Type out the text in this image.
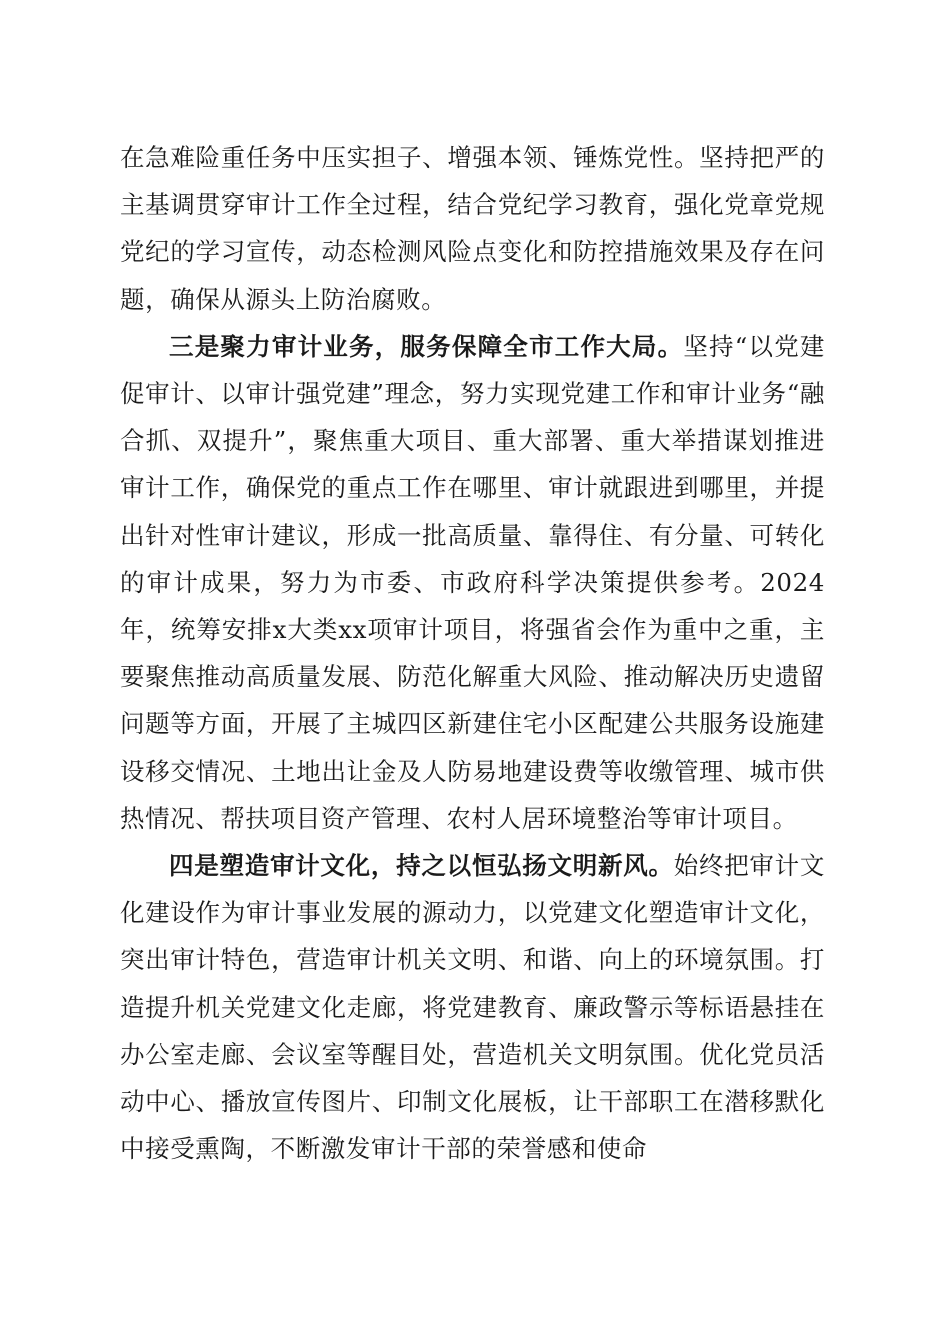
在急难险重任务中压实担子、增强本领、锤炼党性。坚持把严的主基调贯穿审计工作全过程，结合党纪学习教育，强化党章党规党纪的学习宣传，动态检测风险点变化和防控措施效果及存在问题，确保从源头上防治腐败。

三是聚力审计业务，服务保障全市工作大局。坚持“以党建促审计、以审计强党建”理念，努力实现党建工作和审计业务“融合抓、双提升”，聚焦重大项目、重大部署、重大举措谋划推进审计工作，确保党的重点工作在哪里、审计就跟进到哪里，并提出针对性审计建议，形成一批高质量、靠得住、有分量、可转化的审计成果，努力为市委、市政府科学决策提供参考。2024年，统筹安排x大类xx项审计项目，将强省会作为重中之重，主要聚焦推动高质量发展、防范化解重大风险、推动解决历史遗留问题等方面，开展了主城四区新建住宅小区配建公共服务设施建设移交情况、土地出让金及人防易地建设费等收缴管理、城市供热情况、帮扶项目资产管理、农村人居环境整治等审计项目。

四是塑造审计文化，持之以恒弘扬文明新风。始终把审计文化建设作为审计事业发展的源动力，以党建文化塑造审计文化，突出审计特色，营造审计机关文明、和谐、向上的环境氛围。打造提升机关党建文化走廊，将党建教育、廉政警示等标语悬挂在办公室走廊、会议室等醒目处，营造机关文明氛围。优化党员活动中心、播放宣传图片、印制文化展板，让干部职工在潜移默化中接受熏陶，不断激发审计干部的荣誉感和使命
